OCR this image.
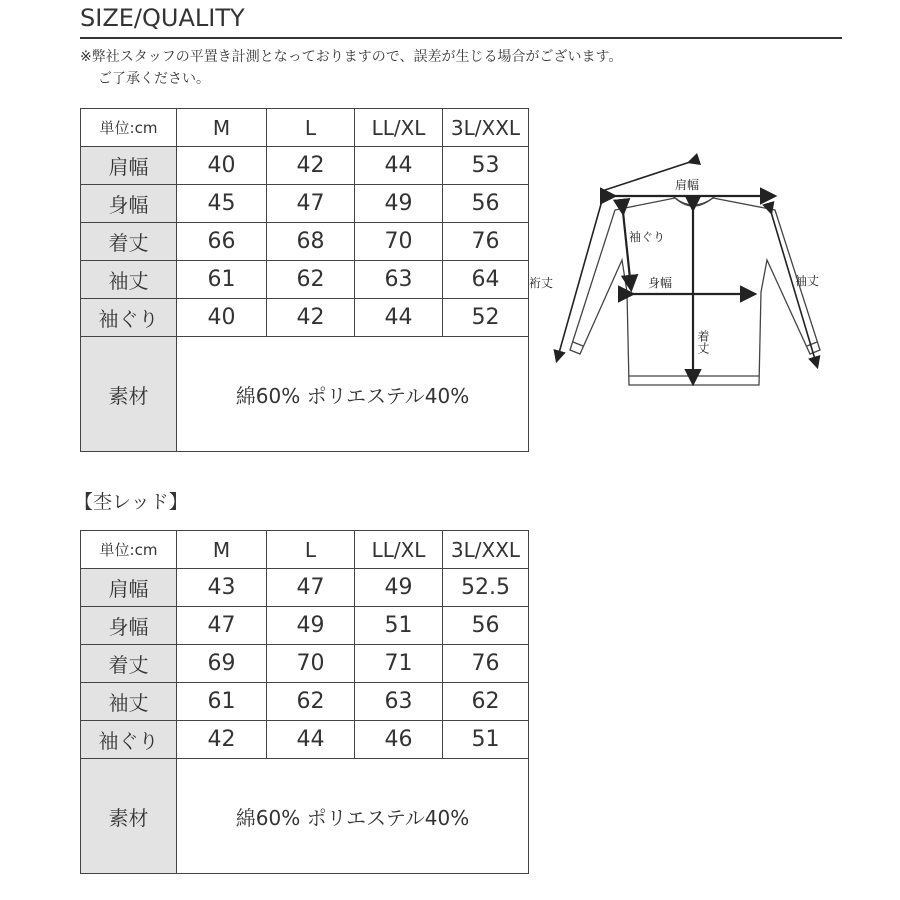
SIZE/QUALITY
※弊社スタッフの平置き計測となっておりますので、誤差が生じる場合がございます。
ご了承ください。
単位:cm	M	L	LL/XL	3L/XXL
肩幅	40	42	44	53
身幅	45	47	49	56
着丈	66	68	70	76
袖丈	61	62	63	64
袖ぐり	40	42	44	52
素材	綿60% ポリエステル40%			
肩幅
袖ぐり
裄丈	身幅	袖丈
着丈
【杢レッド】
単位:cm	M	L	LL/XL	3L/XXL
肩幅	43	47	49	52.5
身幅	47	49	51	56
着丈	69	70	71	76
袖丈	61	62	63	62
袖ぐり	42	44	46	51
素材	綿60% ポリエステル40%			
